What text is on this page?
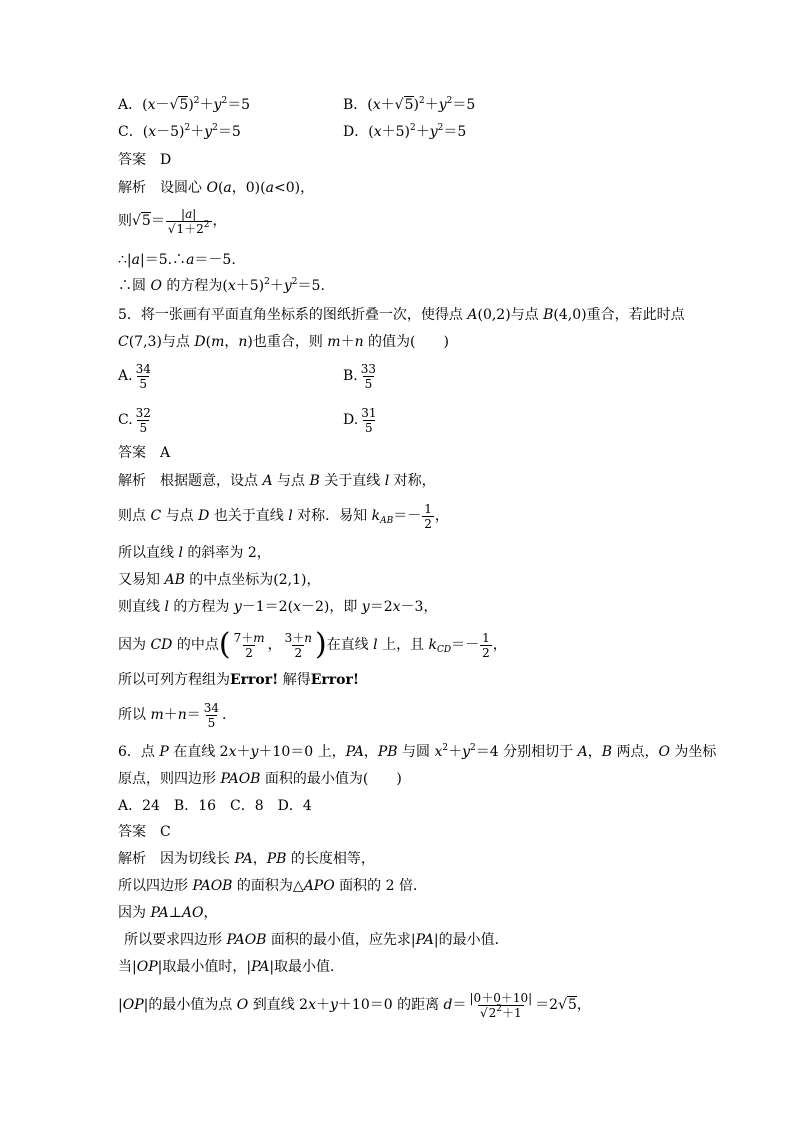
A．$(x-√5)^2+y^2=5$	B．$(x+√5)^2+y^2=5$
C．$(x-5)^2+y^2=5$	D．$(x+5)^2+y^2=5$
答案　 D
解析　设圆心 O(a，0)(a<0)，
则$√5= \frac{|a|}{√1+2^2}$ ，
∴|a|＝5.∴a＝－5.
∴圆 O 的方程为$(x+5)^2+y^2=5$.
5．将一张画有平面直角坐标系的图纸折叠一次，使得点 A(0,2)与点 B(4,0)重合，若此时点
C(7,3)与点 D(m，n)也重合，则 m＋n 的值为(　　)
A. $\frac{34}{5}$	B. $\frac{33}{5}$
C. $\frac{32}{5}$	D. $\frac{31}{5}$
答案　 A
解析　根据题意，设点 A 与点 B 关于直线 l 对称，
则点 C 与点 D 也关于直线 l 对称．易知 $k_{AB}=- \frac{1}{2}$ ，
所以直线 l 的斜率为 2，
又易知 AB 的中点坐标为(2,1)，
则直线 l 的方程为 y－1＝2(x－2)，即 y＝2x－3，
因为 CD 的中点( $\frac{7+m}{2}$ ， $\frac{3+n}{2}$ )在直线 l 上，且 $k_{CD}=- \frac{1}{2}$ ，
所以可列方程组为Error! 解得Error!
所以 $m+n= \frac{34}{5}$ .
6．点 P 在直线 2x＋y＋10＝0 上，PA，PB 与圆 $x^2+y^2=4$ 分别相切于 A，B 两点，O 为坐标
原点，则四边形 PAOB 面积的最小值为(　　)
A．24　B．16　C．8　D．4
答案　 C
解析　因为切线长 PA，PB 的长度相等，
所以四边形 PAOB 的面积为△APO 面积的 2 倍．
因为 PA⊥AO，
所以要求四边形 PAOB 面积的最小值，应先求|PA|的最小值．
当|OP|取最小值时，|PA|取最小值．
|OP|的最小值为点 O 到直线 2x＋y＋10＝0 的距离 $d= \frac{|0+0+10|}{√2^2+1} =2√5$，
